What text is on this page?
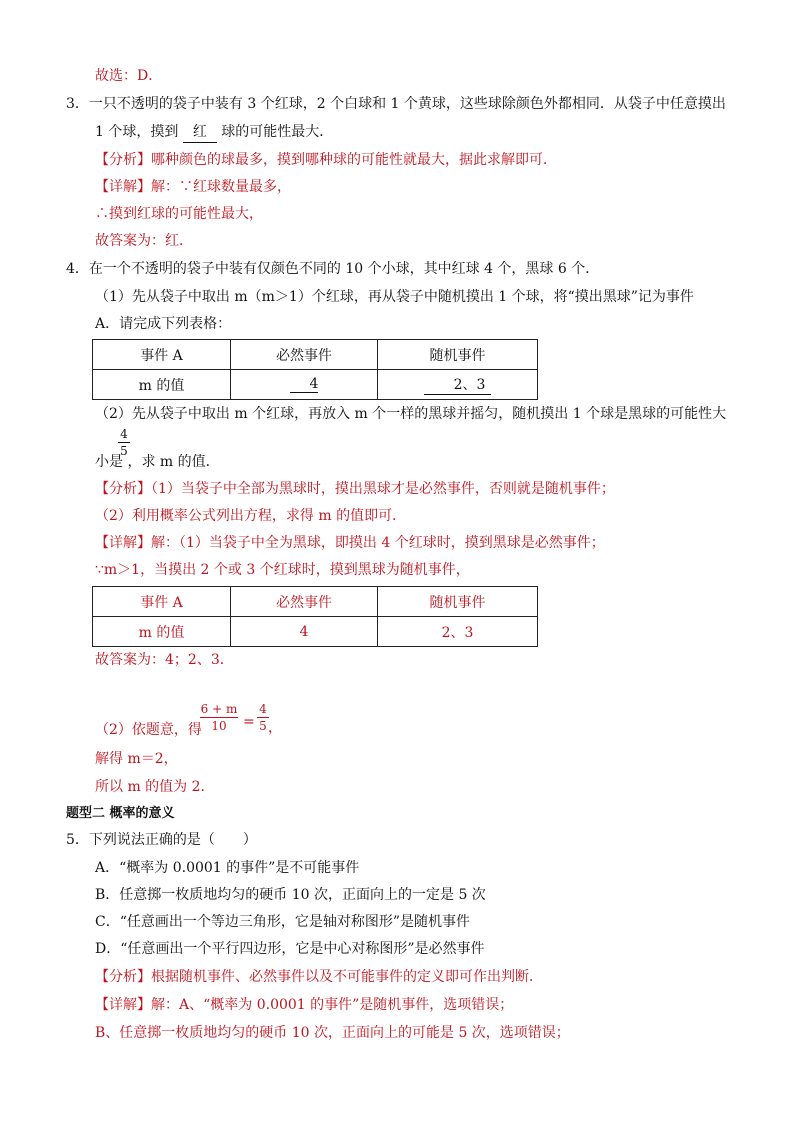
故选：D．
3．一只不透明的袋子中装有 3 个红球，2 个白球和 1 个黄球，这些球除颜色外都相同．从袋子中任意摸出
1 个球，摸到 红 球的可能性最大．
【分析】哪种颜色的球最多，摸到哪种球的可能性就最大，据此求解即可．
【详解】解：∵红球数量最多，
∴摸到红球的可能性最大，
故答案为：红．
4．在一个不透明的袋子中装有仅颜色不同的 10 个小球，其中红球 4 个，黑球 6 个．
（1）先从袋子中取出 m（m＞1）个红球，再从袋子中随机摸出 1 个球，将“摸出黑球”记为事件
A．请完成下列表格：
事件 A	必然事件	随机事件
m 的值	4	2、3
（2）先从袋子中取出 m 个红球，再放入 m 个一样的黑球并摇匀，随机摸出 1 个球是黑球的可能性大
4
5
小是 ，求 m 的值．
【分析】（1）当袋子中全部为黑球时，摸出黑球才是必然事件，否则就是随机事件；
（2）利用概率公式列出方程，求得 m 的值即可．
【详解】解：（1）当袋子中全为黑球，即摸出 4 个红球时，摸到黑球是必然事件；
∵m＞1，当摸出 2 个或 3 个红球时，摸到黑球为随机事件，
事件 A	必然事件	随机事件
m 的值	4	2、3
故答案为：4；2、3．
（2）依题意，得
6 + m
10	=
4
5 ，
解得 m＝2，
所以 m 的值为 2．
题型二 概率的意义
5．下列说法正确的是（　　）
A．“概率为 0.0001 的事件”是不可能事件
B．任意掷一枚质地均匀的硬币 10 次，正面向上的一定是 5 次
C．“任意画出一个等边三角形，它是轴对称图形”是随机事件
D．“任意画出一个平行四边形，它是中心对称图形”是必然事件
【分析】根据随机事件、必然事件以及不可能事件的定义即可作出判断．
【详解】解：A、“概率为 0.0001 的事件”是随机事件，选项错误；
B、任意掷一枚质地均匀的硬币 10 次，正面向上的可能是 5 次，选项错误；
